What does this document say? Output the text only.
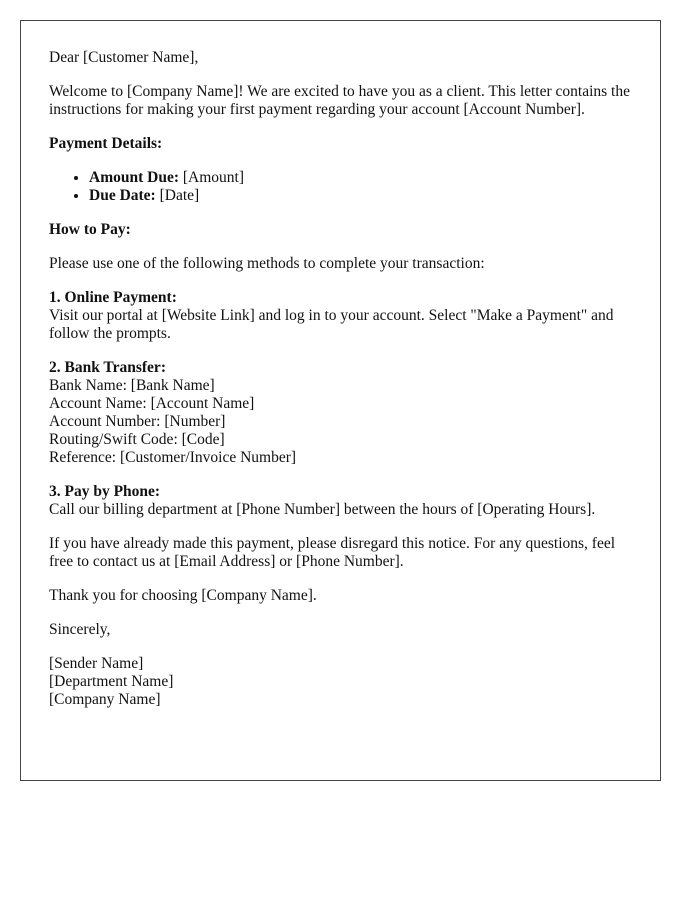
Dear [Customer Name],

Welcome to [Company Name]! We are excited to have you as a client. This letter contains the instructions for making your first payment regarding your account [Account Number].

Payment Details:

• Amount Due: [Amount]
• Due Date: [Date]

How to Pay:

Please use one of the following methods to complete your transaction:

1. Online Payment:
Visit our portal at [Website Link] and log in to your account. Select "Make a Payment" and follow the prompts.
2. Bank Transfer:
Bank Name: [Bank Name]
Account Name: [Account Name]
Account Number: [Number]
Routing/Swift Code: [Code]
Reference: [Customer/Invoice Number]
3. Pay by Phone:
Call our billing department at [Phone Number] between the hours of [Operating Hours].

If you have already made this payment, please disregard this notice. For any questions, feel free to contact us at [Email Address] or [Phone Number].

Thank you for choosing [Company Name].

Sincerely,

[Sender Name]
[Department Name]
[Company Name]
